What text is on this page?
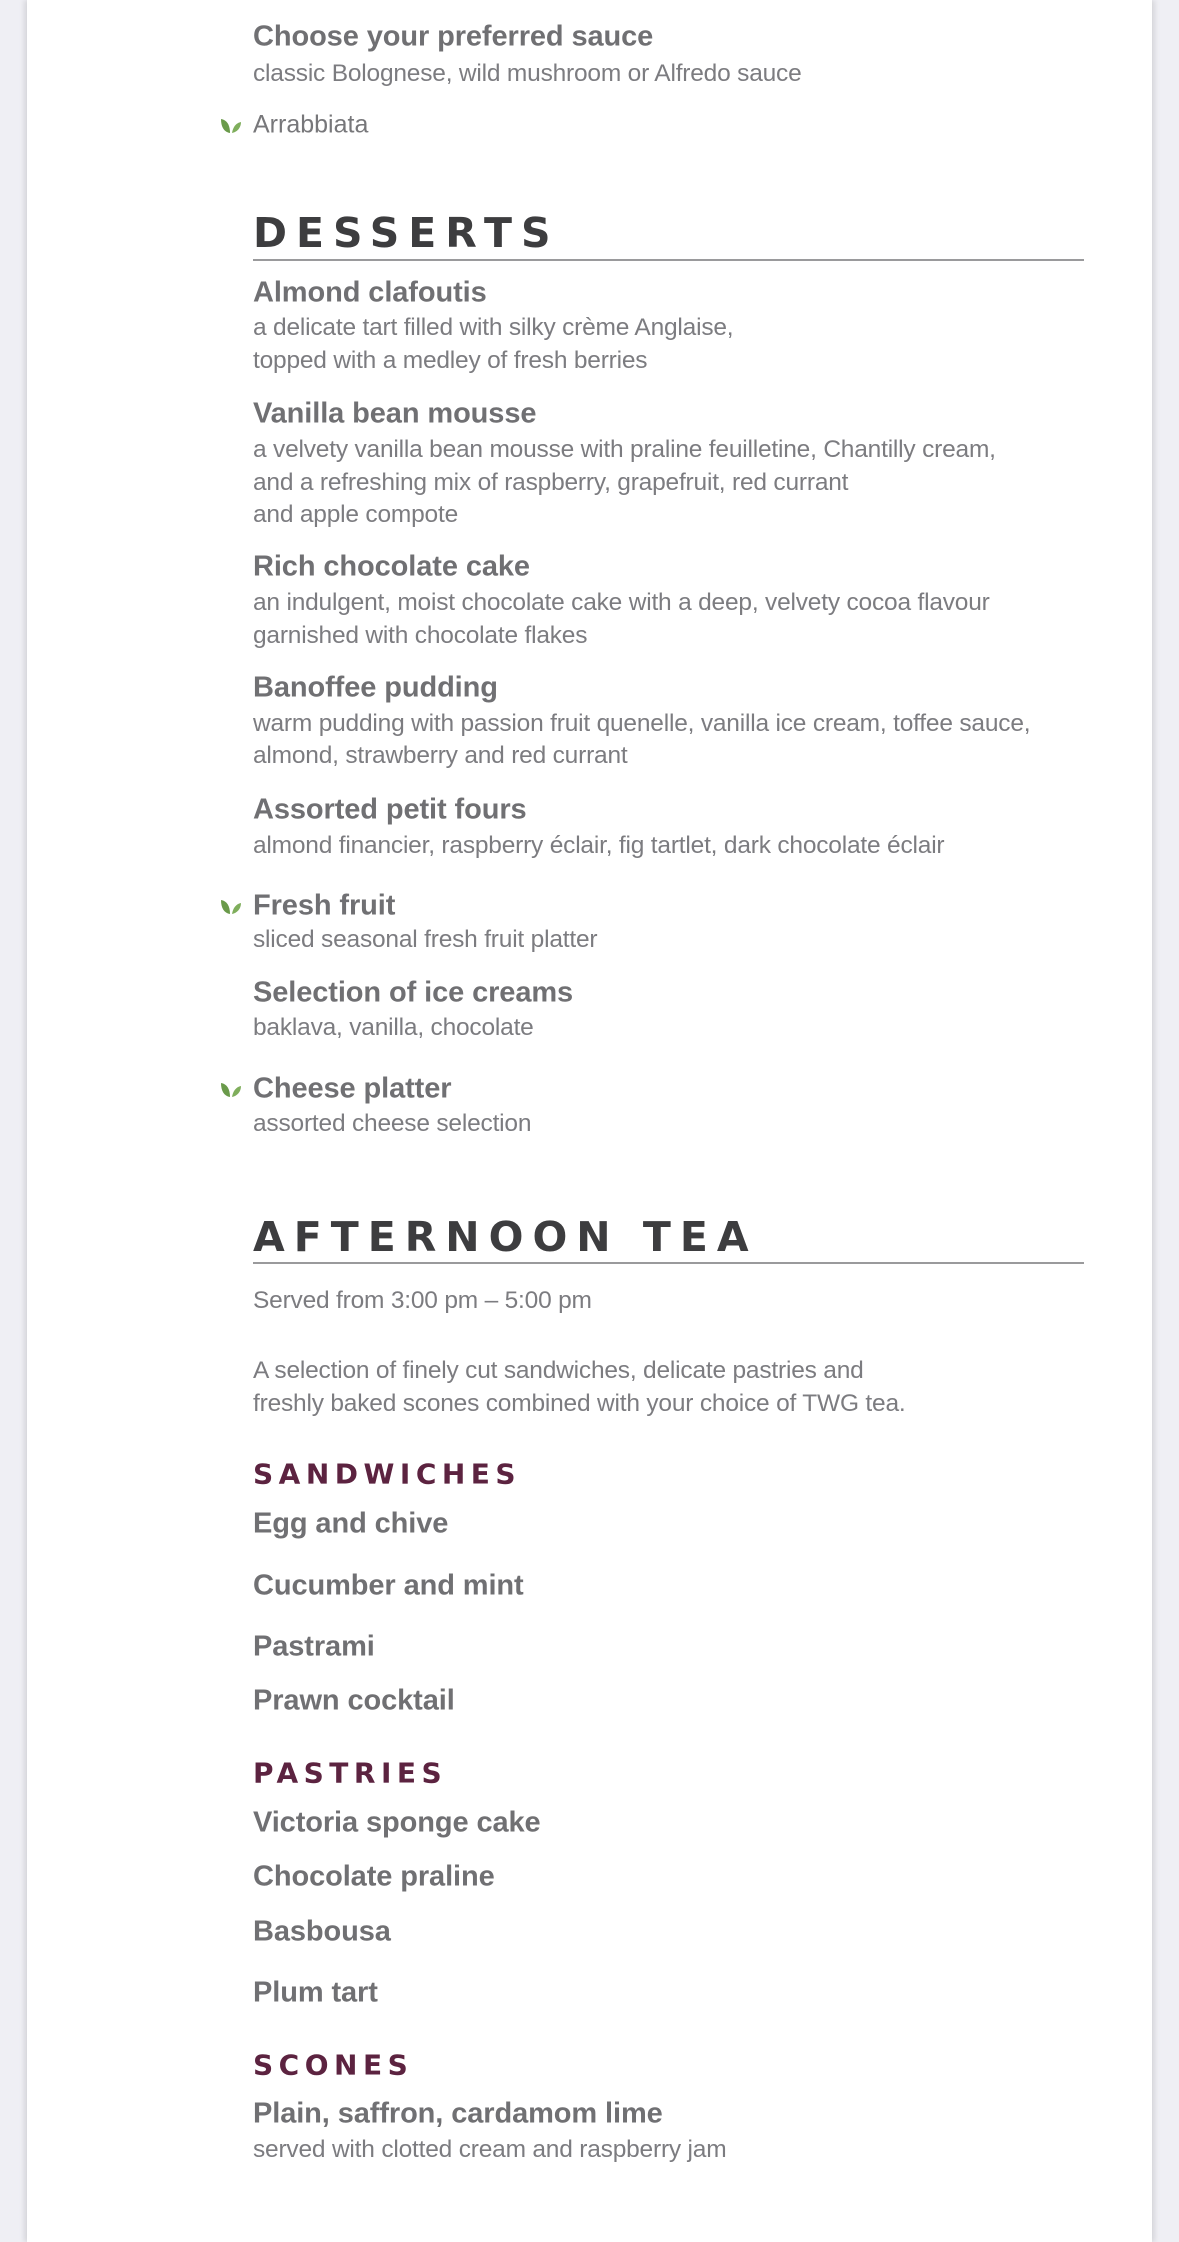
Choose your preferred sauce
classic Bolognese, wild mushroom or Alfredo sauce
Arrabbiata
DESSERTS
Almond clafoutis
a delicate tart filled with silky crème Anglaise,
topped with a medley of fresh berries
Vanilla bean mousse
a velvety vanilla bean mousse with praline feuilletine, Chantilly cream,
and a refreshing mix of raspberry, grapefruit, red currant
and apple compote
Rich chocolate cake
an indulgent, moist chocolate cake with a deep, velvety cocoa flavour
garnished with chocolate flakes
Banoffee pudding
warm pudding with passion fruit quenelle, vanilla ice cream, toffee sauce,
almond, strawberry and red currant
Assorted petit fours
almond financier, raspberry éclair, fig tartlet, dark chocolate éclair
Fresh fruit
sliced seasonal fresh fruit platter
Selection of ice creams
baklava, vanilla, chocolate
Cheese platter
assorted cheese selection
AFTERNOON TEA
Served from 3:00 pm – 5:00 pm
A selection of finely cut sandwiches, delicate pastries and
freshly baked scones combined with your choice of TWG tea.
SANDWICHES
Egg and chive
Cucumber and mint
Pastrami
Prawn cocktail
PASTRIES
Victoria sponge cake
Chocolate praline
Basbousa
Plum tart
SCONES
Plain, saffron, cardamom lime
served with clotted cream and raspberry jam
